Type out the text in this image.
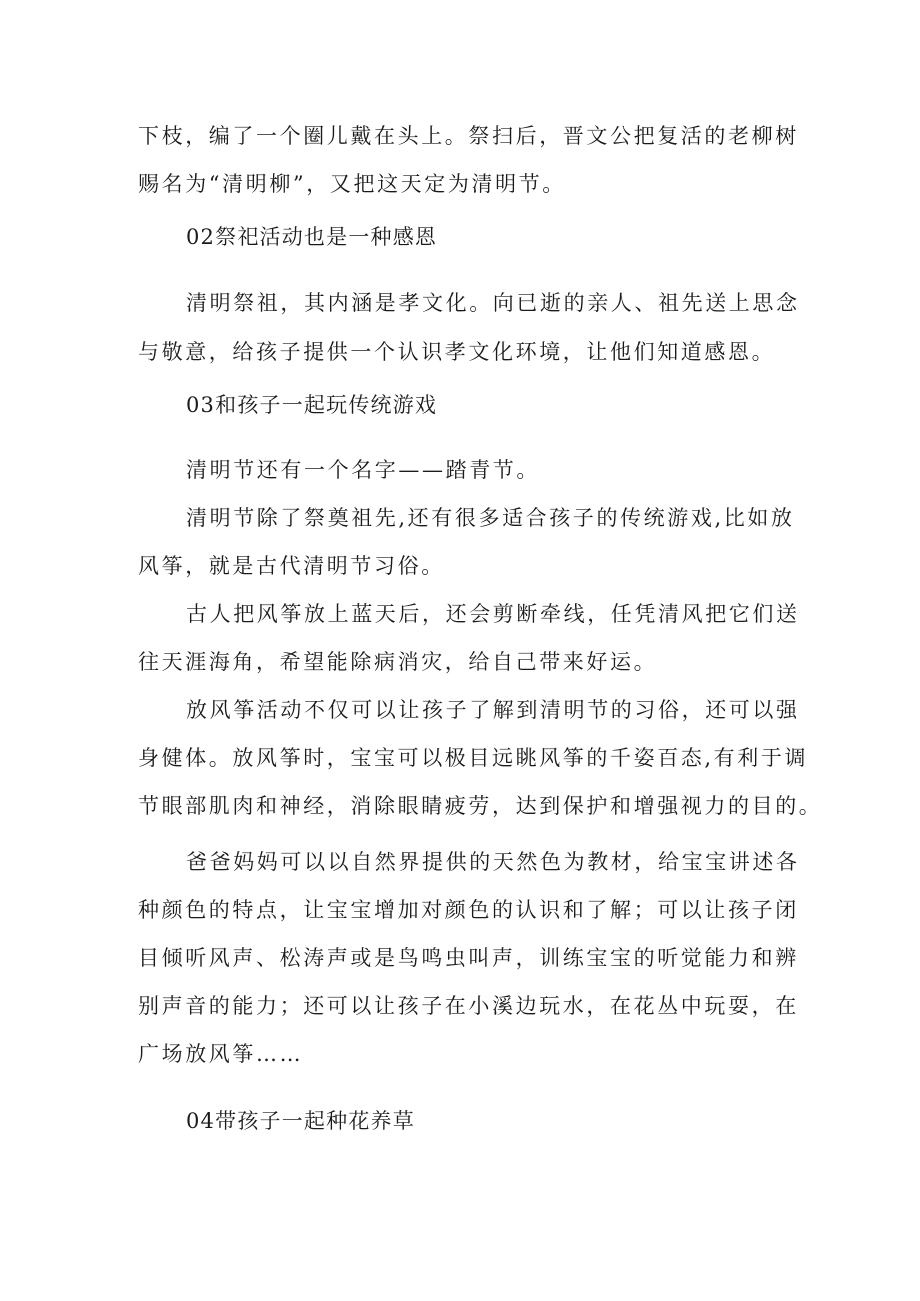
下枝，编了一个圈儿戴在头上。祭扫后，晋文公把复活的老柳树
赐名为“清明柳”，又把这天定为清明节。
02祭祀活动也是一种感恩
清明祭祖，其内涵是孝文化。向已逝的亲人、祖先送上思念
与敬意，给孩子提供一个认识孝文化环境，让他们知道感恩。
03和孩子一起玩传统游戏
清明节还有一个名字——踏青节。
清明节除了祭奠祖先,还有很多适合孩子的传统游戏,比如放
风筝，就是古代清明节习俗。
古人把风筝放上蓝天后，还会剪断牵线，任凭清风把它们送
往天涯海角，希望能除病消灾，给自己带来好运。
放风筝活动不仅可以让孩子了解到清明节的习俗，还可以强
身健体。放风筝时，宝宝可以极目远眺风筝的千姿百态,有利于调
节眼部肌肉和神经，消除眼睛疲劳，达到保护和增强视力的目的。
爸爸妈妈可以以自然界提供的天然色为教材，给宝宝讲述各
种颜色的特点，让宝宝增加对颜色的认识和了解；可以让孩子闭
目倾听风声、松涛声或是鸟鸣虫叫声，训练宝宝的听觉能力和辨
别声音的能力；还可以让孩子在小溪边玩水，在花丛中玩耍，在
广场放风筝……
04带孩子一起种花养草
